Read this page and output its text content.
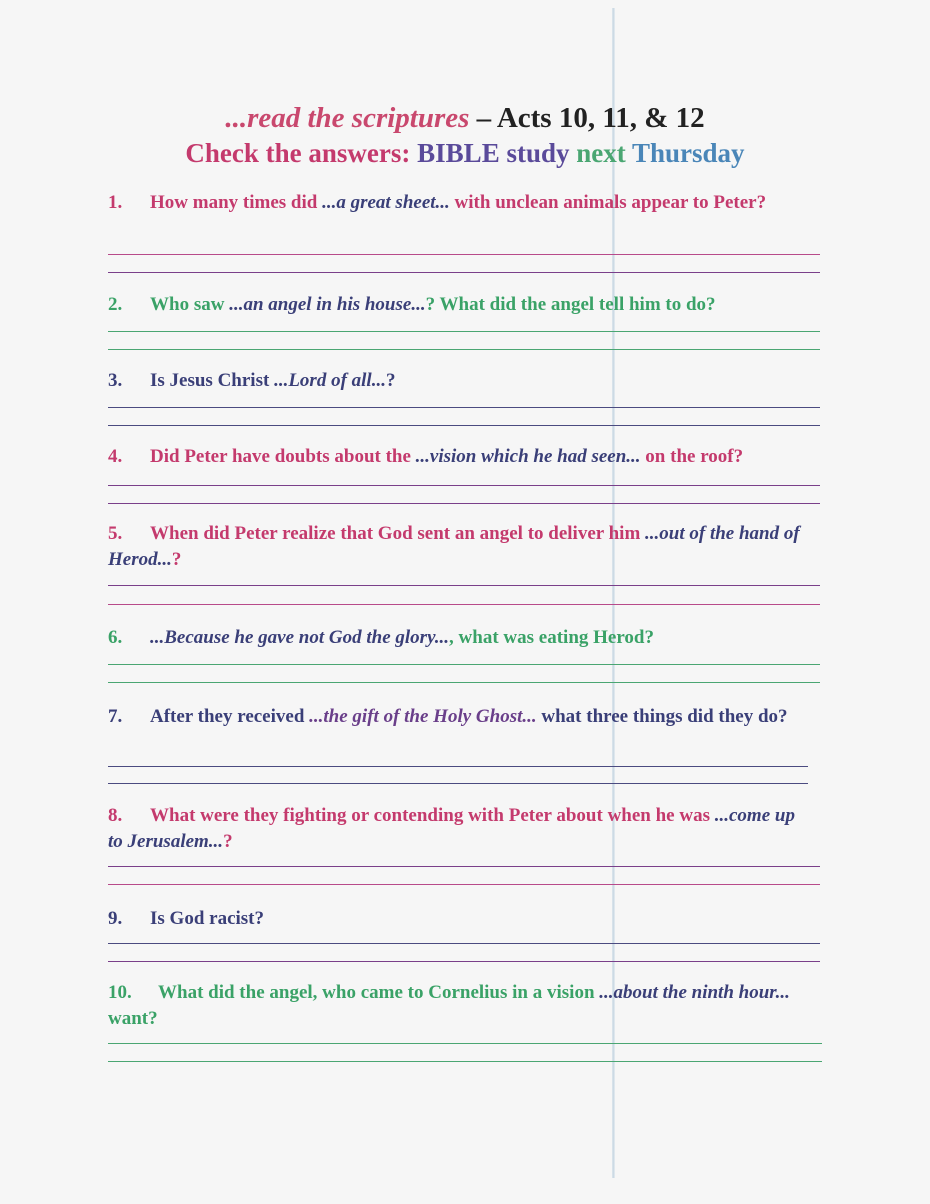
...read the scriptures – Acts 10, 11, & 12
Check the answers: BIBLE study next Thursday
1. How many times did ...a great sheet... with unclean animals appear to Peter?
2. Who saw ...an angel in his house...? What did the angel tell him to do?
3. Is Jesus Christ ...Lord of all...?
4. Did Peter have doubts about the ...vision which he had seen... on the roof?
5. When did Peter realize that God sent an angel to deliver him ...out of the hand of Herod...?
6. ...Because he gave not God the glory..., what was eating Herod?
7. After they received ...the gift of the Holy Ghost... what three things did they do?
8. What were they fighting or contending with Peter about when he was ...come up to Jerusalem...?
9. Is God racist?
10. What did the angel, who came to Cornelius in a vision ...about the ninth hour... want?
